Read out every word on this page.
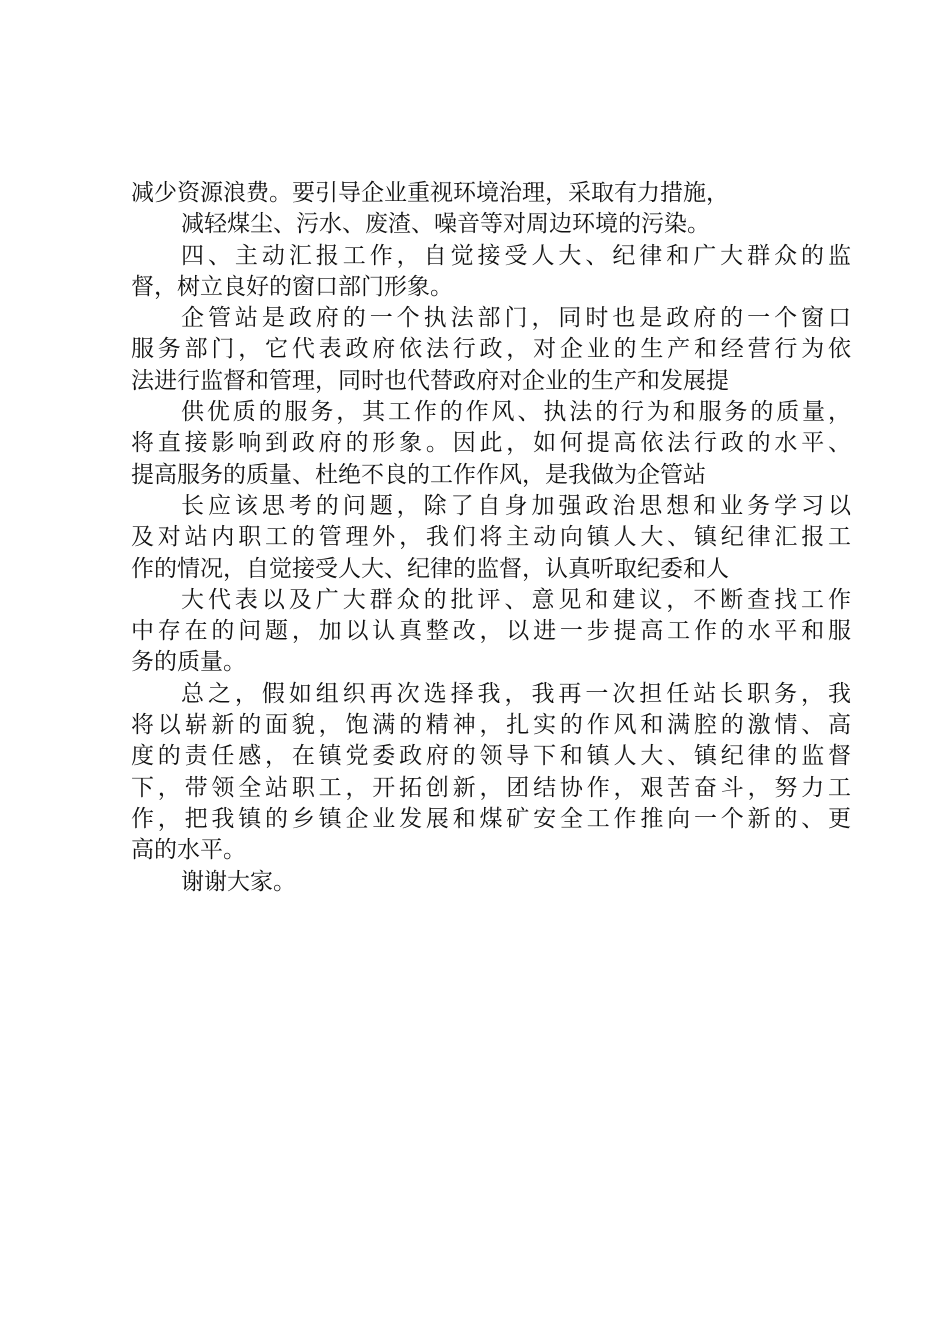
减少资源浪费。要引导企业重视环境治理，采取有力措施，
减轻煤尘、污水、废渣、噪音等对周边环境的污染。
四、主动汇报工作，自觉接受人大、纪律和广大群众的监
督，树立良好的窗口部门形象。
企管站是政府的一个执法部门，同时也是政府的一个窗口
服务部门，它代表政府依法行政，对企业的生产和经营行为依
法进行监督和管理，同时也代替政府对企业的生产和发展提
供优质的服务，其工作的作风、执法的行为和服务的质量，
将直接影响到政府的形象。因此，如何提高依法行政的水平、
提高服务的质量、杜绝不良的工作作风，是我做为企管站
长应该思考的问题，除了自身加强政治思想和业务学习以
及对站内职工的管理外，我们将主动向镇人大、镇纪律汇报工
作的情况，自觉接受人大、纪律的监督，认真听取纪委和人
大代表以及广大群众的批评、意见和建议，不断查找工作
中存在的问题，加以认真整改，以进一步提高工作的水平和服
务的质量。
总之，假如组织再次选择我，我再一次担任站长职务，我
将以崭新的面貌，饱满的精神，扎实的作风和满腔的激情、高
度的责任感，在镇党委政府的领导下和镇人大、镇纪律的监督
下，带领全站职工，开拓创新，团结协作，艰苦奋斗，努力工
作，把我镇的乡镇企业发展和煤矿安全工作推向一个新的、更
高的水平。
谢谢大家。
